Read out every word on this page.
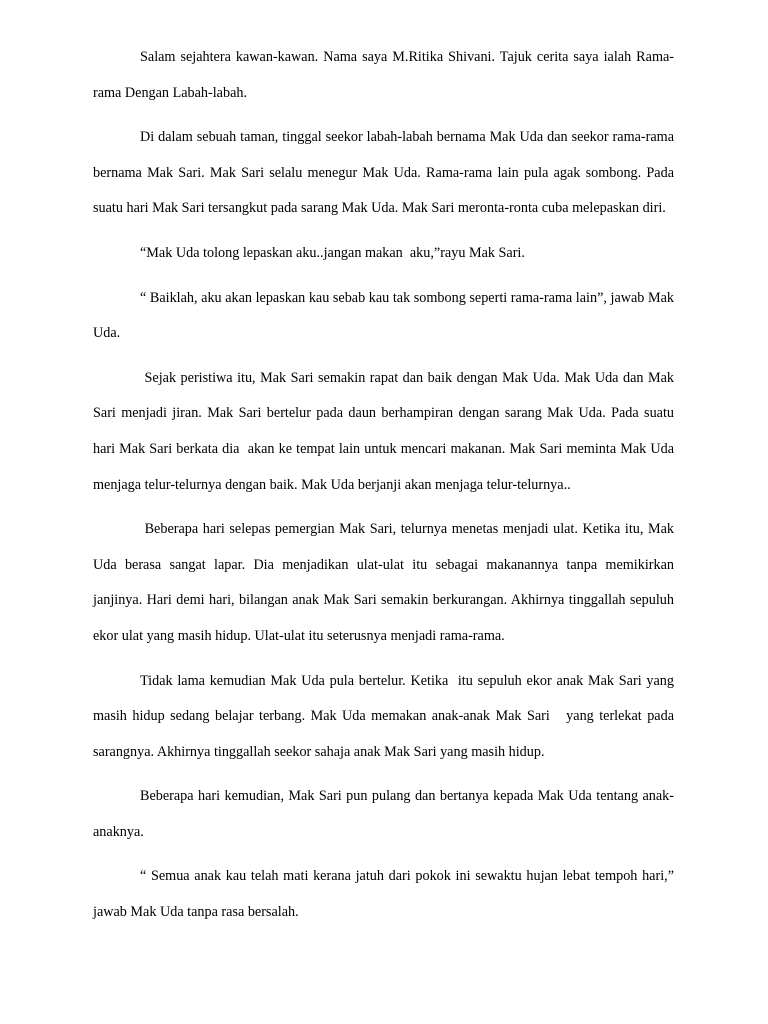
Salam sejahtera kawan-kawan. Nama saya M.Ritika Shivani. Tajuk cerita saya ialah Rama-rama Dengan Labah-labah.

Di dalam sebuah taman, tinggal seekor labah-labah bernama Mak Uda dan seekor rama-rama bernama Mak Sari. Mak Sari selalu menegur Mak Uda. Rama-rama lain pula agak sombong. Pada suatu hari Mak Sari tersangkut pada sarang Mak Uda. Mak Sari meronta-ronta cuba melepaskan diri.

“Mak Uda tolong lepaskan aku..jangan makan  aku,”rayu Mak Sari.

“ Baiklah, aku akan lepaskan kau sebab kau tak sombong seperti rama-rama lain”, jawab Mak Uda.

Sejak peristiwa itu, Mak Sari semakin rapat dan baik dengan Mak Uda. Mak Uda dan Mak Sari menjadi jiran. Mak Sari bertelur pada daun berhampiran dengan sarang Mak Uda. Pada suatu hari Mak Sari berkata dia  akan ke tempat lain untuk mencari makanan. Mak Sari meminta Mak Uda menjaga telur-telurnya dengan baik. Mak Uda berjanji akan menjaga telur-telurnya..

Beberapa hari selepas pemergian Mak Sari, telurnya menetas menjadi ulat. Ketika itu, Mak Uda berasa sangat lapar. Dia menjadikan ulat-ulat itu sebagai makanannya tanpa memikirkan   janjinya. Hari demi hari, bilangan anak Mak Sari semakin berkurangan. Akhirnya tinggallah sepuluh ekor ulat yang masih hidup. Ulat-ulat itu seterusnya menjadi rama-rama.

Tidak lama kemudian Mak Uda pula bertelur. Ketika  itu sepuluh ekor anak Mak Sari yang masih hidup sedang belajar terbang. Mak Uda memakan anak-anak Mak Sari   yang terlekat pada sarangnya. Akhirnya tinggallah seekor sahaja anak Mak Sari yang masih hidup.

Beberapa hari kemudian, Mak Sari pun pulang dan bertanya kepada Mak Uda tentang anak-anaknya.

“ Semua anak kau telah mati kerana jatuh dari pokok ini sewaktu hujan lebat tempoh hari,” jawab Mak Uda tanpa rasa bersalah.
